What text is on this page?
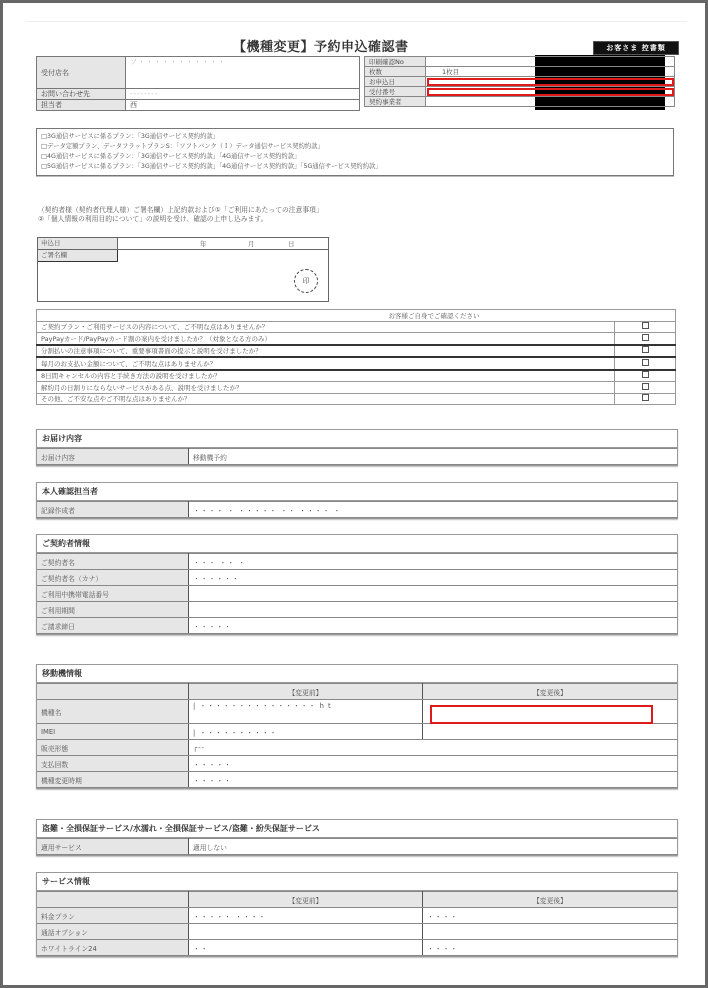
【機種変更】予約申込確認書	お客さま 控書類
受付店名	ソ・・・・・・・・・・・
お問い合わせ先	‐‐‐‐‐‐‐‐
担当者	西
印刷確認No	
枚数	1枚目
お申込日	
受付番号	
契約事業者	
□3G通信サービスに係るプラン：「3G通信サービス契約約款」
□データ定額プラン、データフラットプランS：「ソフトバンク（Ｉ）データ通信サービス契約約款」
□4G通信サービスに係るプラン：「3G通信サービス契約約款」「4G通信サービス契約約款」
□5G通信サービスに係るプラン：「3G通信サービス契約約款」「4G通信サービス契約約款」「5G通信サービス契約約款」
（契約者様（契約者代理人様）ご署名欄）上記約款および①「ご利用にあたっての注意事項」②「個人情報の利用目的について」の説明を受け、確認の上申し込みます。
申込日	年	月	日
ご署名欄
印
お客様ご自身でご確認ください	
ご契約プラン・ご利用サービスの内容について、ご不明な点はありませんか？	
PayPayカード/PayPayカード割の案内を受けましたか？（対象となる方のみ）	
分割払いの注意事項について、重要事項書面の提示と説明を受けましたか？	
毎月のお支払い金額について、ご不明な点はありませんか？	
8日間キャンセルの内容と手続き方法の説明を受けましたか？	
解約月の日割りにならないサービスがある点、説明を受けましたか？	
その他、ご不安な点やご不明な点はありませんか？	
お届け内容
お届け内容	移動機予約
本人確認担当者
記録作成者	・・・・ ・ ・・・・・ ・・ ・・・・ ・
ご契約者情報
ご契約者名	・・・ ・・ ・
ご契約者名（カナ）	・・・・・・
ご利用中携帯電話番号	
ご利用期間	
ご請求締日	・・・・・
移動機情報
	【変更前】	【変更後】
機種名	| ・・・・・・・・・・・・・・・ h t	
IMEI	| ・・・・・・・・・・	
販売形態	┌‐‐	
支払回数	・・・・・	
機種変更時期	・・・・・	
盗難・全損保証サービス/水濡れ・全損保証サービス/盗難・紛失保証サービス
適用サービス	適用しない
サービス情報
	【変更前】	【変更後】
料金プラン	・・・・・ ・・・・	・・・・
通話オプション		
ホワイトライン24	・・	・・・・
